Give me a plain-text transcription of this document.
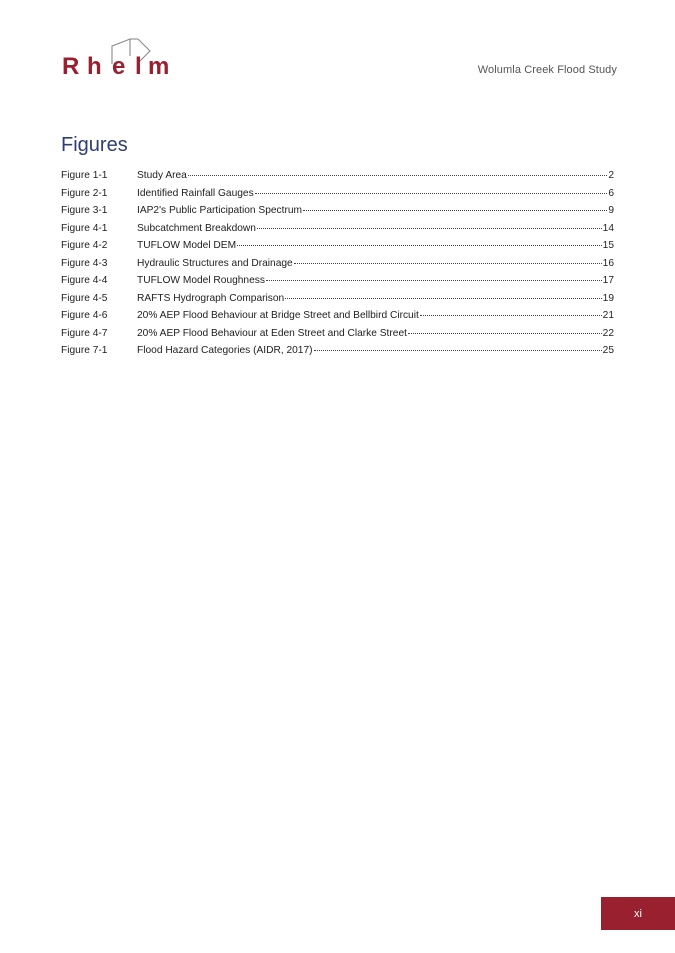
R h e l m	Wolumla Creek Flood Study
Figures
Figure 1-1	Study Area	2
Figure 2-1	Identified Rainfall Gauges	6
Figure 3-1	IAP2's Public Participation Spectrum	9
Figure 4-1	Subcatchment Breakdown	14
Figure 4-2	TUFLOW Model DEM	15
Figure 4-3	Hydraulic Structures and Drainage	16
Figure 4-4	TUFLOW Model Roughness	17
Figure 4-5	RAFTS Hydrograph Comparison	19
Figure 4-6	20% AEP Flood Behaviour at Bridge Street and Bellbird Circuit	21
Figure 4-7	20% AEP Flood Behaviour at Eden Street and Clarke Street	22
Figure 7-1	Flood Hazard Categories (AIDR, 2017)	25
xi
